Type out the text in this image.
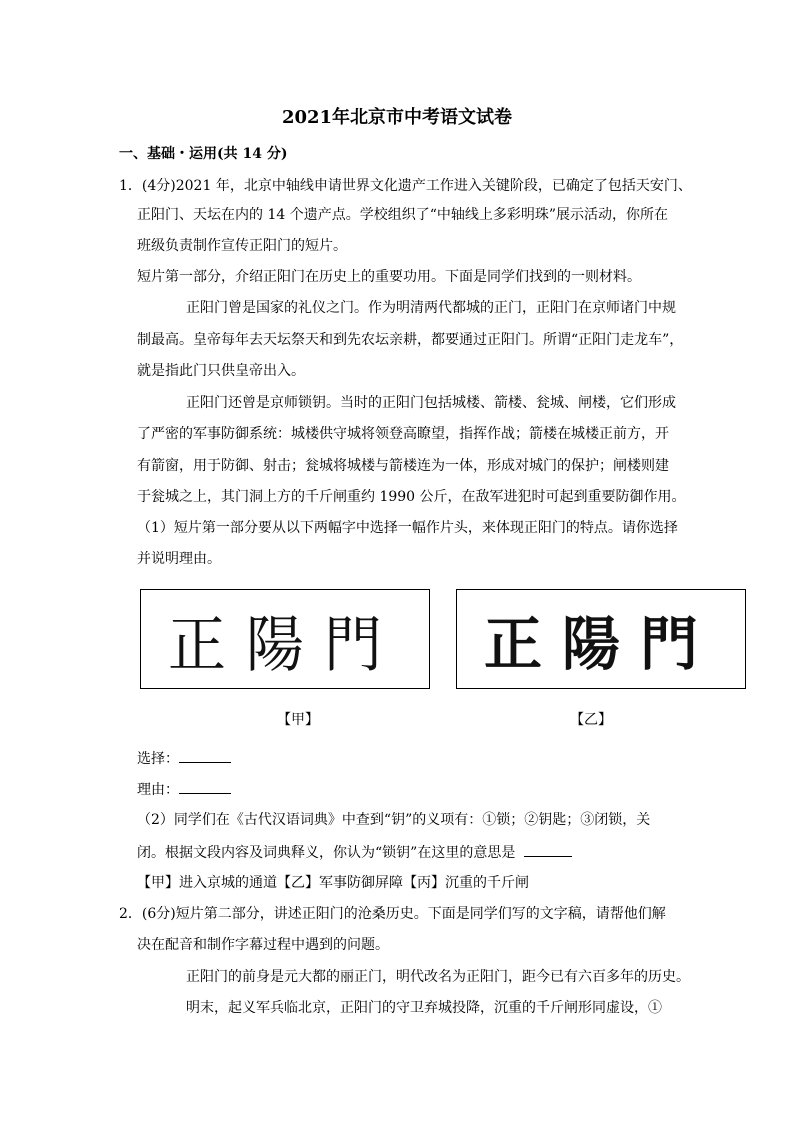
2021年北京市中考语文试卷
一、基础・运用(共 14 分)
1．(4分)2021 年，北京中轴线申请世界文化遗产工作进入关键阶段，已确定了包括天安门、
正阳门、天坛在内的 14 个遗产点。学校组织了“中轴线上多彩明珠”展示活动，你所在
班级负责制作宣传正阳门的短片。
短片第一部分，介绍正阳门在历史上的重要功用。下面是同学们找到的一则材料。
正阳门曾是国家的礼仪之门。作为明清两代都城的正门，正阳门在京师诸门中规
制最高。皇帝每年去天坛祭天和到先农坛亲耕，都要通过正阳门。所谓“正阳门走龙车”，
就是指此门只供皇帝出入。
正阳门还曾是京师锁钥。当时的正阳门包括城楼、箭楼、瓮城、闸楼，它们形成
了严密的军事防御系统：城楼供守城将领登高瞭望，指挥作战；箭楼在城楼正前方，开
有箭窗，用于防御、射击；瓮城将城楼与箭楼连为一体，形成对城门的保护；闸楼则建
于瓮城之上，其门洞上方的千斤闸重约 1990 公斤，在敌军进犯时可起到重要防御作用。
（1）短片第一部分要从以下两幅字中选择一幅作片头，来体现正阳门的特点。请你选择
并说明理由。
正陽門 正陽門
【甲】	【乙】
选择：
理由：
（2）同学们在《古代汉语词典》中查到“钥”的义项有：①锁；②钥匙；③闭锁，关
闭。根据文段内容及词典释义，你认为“锁钥”在这里的意思是
【甲】进入京城的通道【乙】军事防御屏障【丙】沉重的千斤闸
2．(6分)短片第二部分，讲述正阳门的沧桑历史。下面是同学们写的文字稿，请帮他们解
决在配音和制作字幕过程中遇到的问题。
正阳门的前身是元大都的丽正门，明代改名为正阳门，距今已有六百多年的历史。
明末，起义军兵临北京，正阳门的守卫弃城投降，沉重的千斤闸形同虚设，①
